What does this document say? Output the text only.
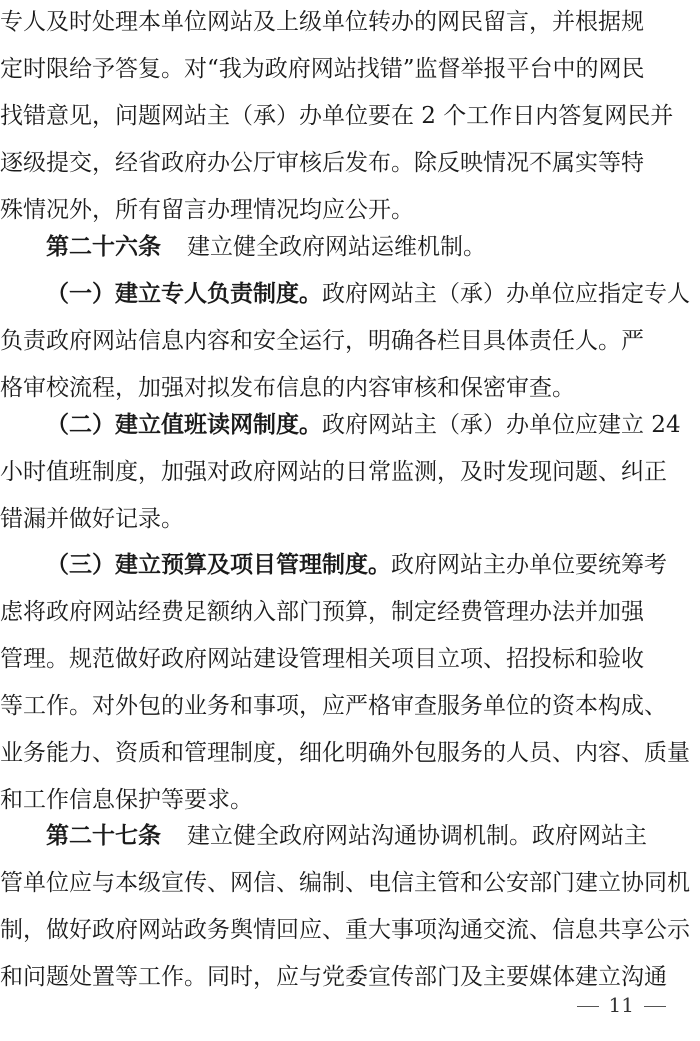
专人及时处理本单位网站及上级单位转办的网民留言，并根据规
定时限给予答复。对“我为政府网站找错”监督举报平台中的网民
找错意见，问题网站主（承）办单位要在 2 个工作日内答复网民并
逐级提交，经省政府办公厅审核后发布。除反映情况不属实等特
殊情况外，所有留言办理情况均应公开。
第二十六条 建立健全政府网站运维机制。
（一）建立专人负责制度。政府网站主（承）办单位应指定专人
负责政府网站信息内容和安全运行，明确各栏目具体责任人。严
格审校流程，加强对拟发布信息的内容审核和保密审查。
（二）建立值班读网制度。政府网站主（承）办单位应建立 24
小时值班制度，加强对政府网站的日常监测，及时发现问题、纠正
错漏并做好记录。
（三）建立预算及项目管理制度。政府网站主办单位要统筹考
虑将政府网站经费足额纳入部门预算，制定经费管理办法并加强
管理。规范做好政府网站建设管理相关项目立项、招投标和验收
等工作。对外包的业务和事项，应严格审查服务单位的资本构成、
业务能力、资质和管理制度，细化明确外包服务的人员、内容、质量
和工作信息保护等要求。
第二十七条 建立健全政府网站沟通协调机制。政府网站主
管单位应与本级宣传、网信、编制、电信主管和公安部门建立协同机
制，做好政府网站政务舆情回应、重大事项沟通交流、信息共享公示
和问题处置等工作。同时，应与党委宣传部门及主要媒体建立沟通
11
